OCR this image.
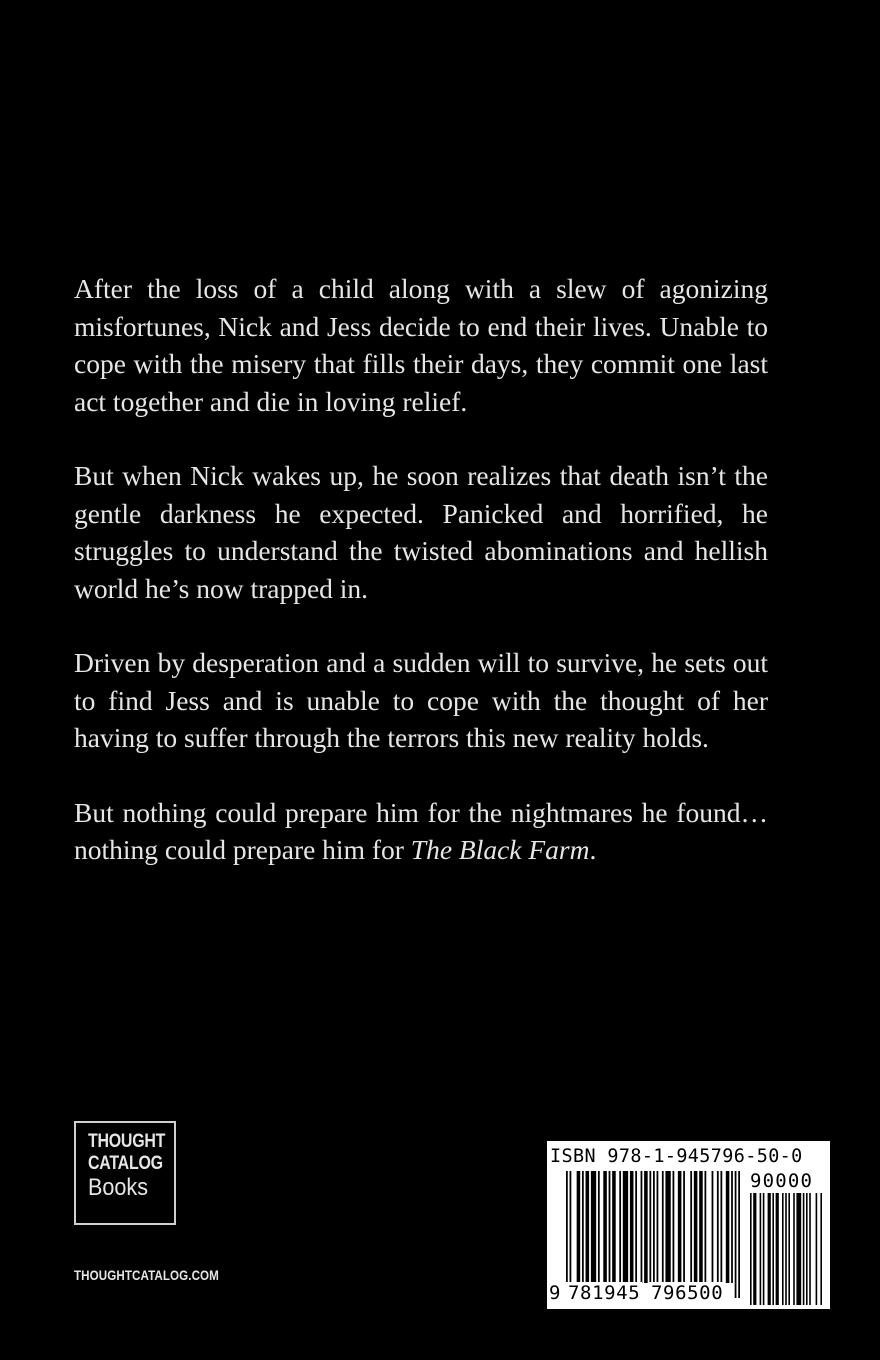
After the loss of a child along with a slew of agonizing misfortunes, Nick and Jess decide to end their lives. Unable to cope with the misery that fills their days, they commit one last act together and die in loving relief.

But when Nick wakes up, he soon realizes that death isn’t the gentle darkness he expected. Panicked and horrified, he struggles to understand the twisted abominations and hellish world he’s now trapped in.

Driven by desperation and a sudden will to survive, he sets out to find Jess and is unable to cope with the thought of her having to suffer through the terrors this new reality holds.

But nothing could prepare him for the nightmares he found…nothing could prepare him for The Black Farm.

THOUGHT
CATALOG
Books
THOUGHTCATALOG.COM
ISBN 978-1-945796-50-0
90000
9 781945 796500
